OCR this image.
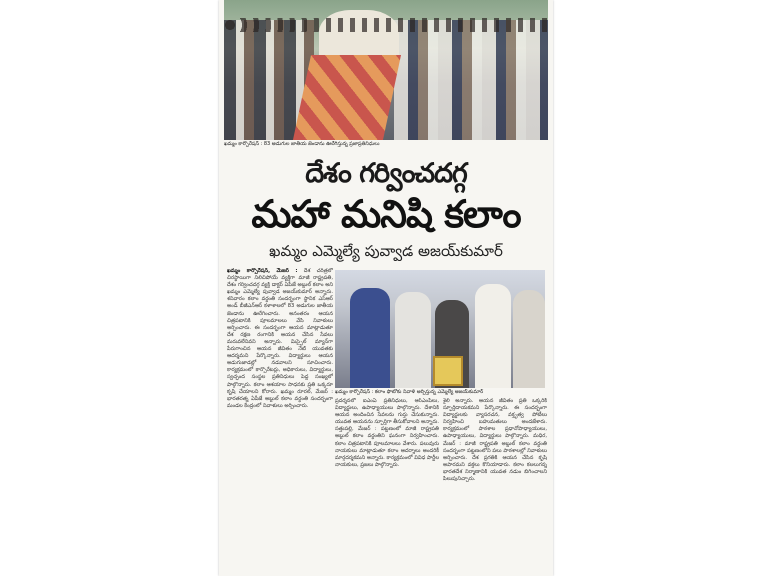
ఖమ్మం కార్పొరేషన్ : 83 అడుగుల జాతీయ జెండాను ఊరేగిస్తున్న ప్రజాప్రతినిధులు
దేశం గర్వించదగ్గ
మహా మనిషి కలాం
ఖమ్మం ఎమ్మెల్యే పువ్వాడ అజయ్‌కుమార్
ఖమ్మం కార్పొరేషన్, మేజర్ : దేశ చరిత్రలో చిరస్థాయిగా నిలిచిపోయే వ్యక్తిగా మాజీ రాష్ట్రపతి, దేశం గర్వించదగ్గ వ్యక్తి డాక్టర్ ఏపీజే అబ్దుల్ కలాం అని ఖమ్మం ఎమ్మెల్యే పువ్వాడ అజయ్‌కుమార్ అన్నారు. శనివారం కలాం వర్ధంతి సందర్భంగా స్థానిక ఎస్ఆర్ అండ్ బీజీఎన్ఆర్ కళాశాలలో 83 అడుగుల జాతీయ జెండాను ఊరేగించారు. అనంతరం ఆయన చిత్రపటానికి పూలమాలలు వేసి నివాళులు అర్పించారు. ఈ సందర్భంగా ఆయన మాట్లాడుతూ దేశ రక్షణ రంగానికి ఆయన చేసిన సేవలు మరువలేనివని అన్నారు. మిస్సైల్ మ్యాన్‌గా పేరుగాంచిన ఆయన జీవితం నేటి యువతకు ఆదర్శమని పేర్కొన్నారు. విద్యార్థులు ఆయన అడుగుజాడల్లో నడవాలని సూచించారు. కార్యక్రమంలో కార్పొరేటర్లు, అధికారులు, విద్యార్థులు, స్వచ్ఛంద సంస్థల ప్రతినిధులు పెద్ద సంఖ్యలో పాల్గొన్నారు. కలాం ఆశయాల సాధనకు ప్రతి ఒక్కరూ కృషి చేయాలని కోరారు. ఖమ్మం రూరల్, మేజర్ : భారతరత్న ఏపీజే అబ్దుల్ కలాం వర్ధంతి సందర్భంగా మండల కేంద్రంలో నివాళులు అర్పించారు.
ఖమ్మం కార్పొరేషన్ : కలాం ఫొటోకు నివాళి అర్పిస్తున్న ఎమ్మెల్యే అజయ్‌కుమార్
ప్రదర్శనలో ఐఎంఏ ప్రతినిధులు, ఆర్ఎంపీలు, విద్యార్థులు, ఉపాధ్యాయులు పాల్గొన్నారు. దేశానికి ఆయన అందించిన సేవలను గుర్తు చేసుకున్నారు. యువత ఆయనను స్ఫూర్తిగా తీసుకోవాలని అన్నారు. సత్తుపల్లి, మేజర్ : పట్టణంలో మాజీ రాష్ట్రపతి అబ్దుల్ కలాం వర్ధంతిని ఘనంగా నిర్వహించారు. కలాం చిత్రపటానికి పూలమాలలు వేశారు. పలువురు నాయకులు మాట్లాడుతూ కలాం ఆదర్శాలు అందరికీ మార్గదర్శకమని అన్నారు. కార్యక్రమంలో వివిధ పార్టీల నాయకులు, ప్రజలు పాల్గొన్నారు.
శైలి అన్నారు. ఆయన జీవితం ప్రతి ఒక్కరికీ స్ఫూర్తిదాయకమని పేర్కొన్నారు. ఈ సందర్భంగా విద్యార్థులకు వ్యాసరచన, వక్తృత్వ పోటీలు నిర్వహించి బహుమతులు అందజేశారు. కార్యక్రమంలో పాఠశాల ప్రధానోపాధ్యాయులు, ఉపాధ్యాయులు, విద్యార్థులు పాల్గొన్నారు. మధిర, మేజర్ : మాజీ రాష్ట్రపతి అబ్దుల్ కలాం వర్ధంతి సందర్భంగా పట్టణంలోని పలు పాఠశాలల్లో నివాళులు అర్పించారు. దేశ ప్రగతికి ఆయన చేసిన కృషి అపారమని వక్తలు కొనియాడారు. కలాం కలలుగన్న భారతదేశ నిర్మాణానికి యువత నడుం బిగించాలని పిలుపునిచ్చారు.
